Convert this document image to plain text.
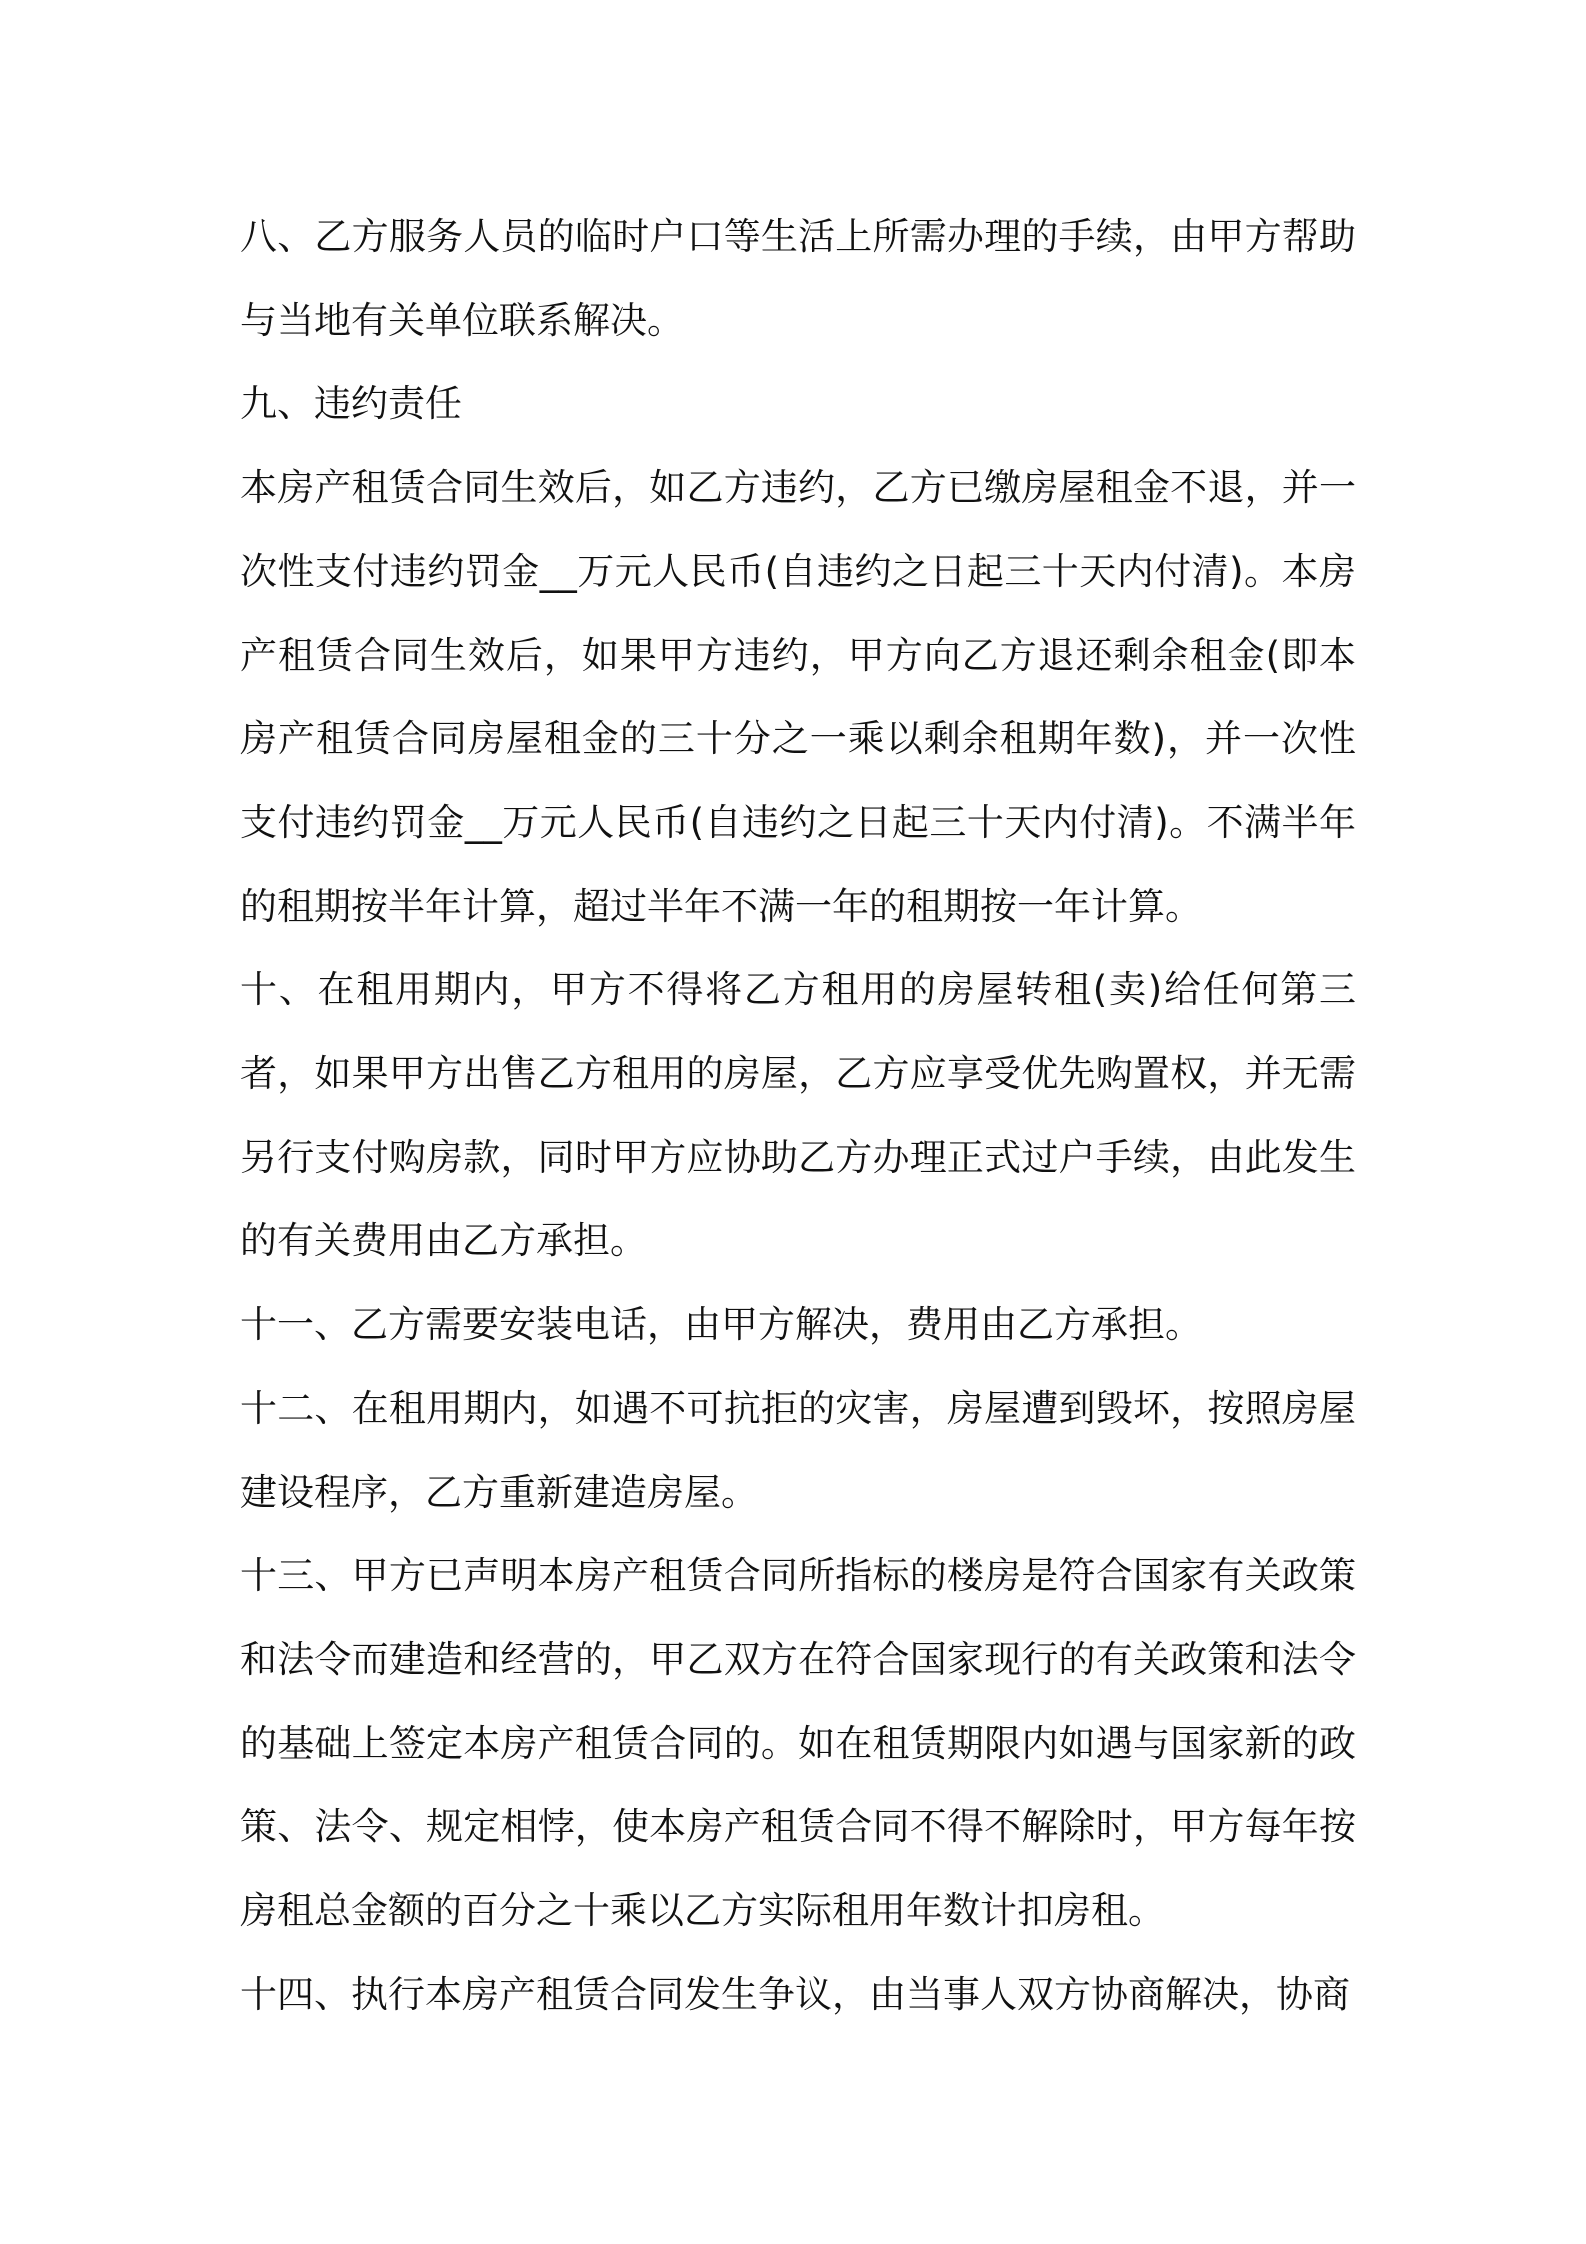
八、乙方服务人员的临时户口等生活上所需办理的手续，由甲方帮助与当地有关单位联系解决。

九、违约责任

本房产租赁合同生效后，如乙方违约，乙方已缴房屋租金不退，并一次性支付违约罚金__万元人民币(自违约之日起三十天内付清)。本房产租赁合同生效后，如果甲方违约，甲方向乙方退还剩余租金(即本房产租赁合同房屋租金的三十分之一乘以剩余租期年数)，并一次性支付违约罚金__万元人民币(自违约之日起三十天内付清)。不满半年的租期按半年计算，超过半年不满一年的租期按一年计算。

十、在租用期内，甲方不得将乙方租用的房屋转租(卖)给任何第三者，如果甲方出售乙方租用的房屋，乙方应享受优先购置权，并无需另行支付购房款，同时甲方应协助乙方办理正式过户手续，由此发生的有关费用由乙方承担。

十一、乙方需要安装电话，由甲方解决，费用由乙方承担。

十二、在租用期内，如遇不可抗拒的灾害，房屋遭到毁坏，按照房屋建设程序，乙方重新建造房屋。

十三、甲方已声明本房产租赁合同所指标的楼房是符合国家有关政策和法令而建造和经营的，甲乙双方在符合国家现行的有关政策和法令的基础上签定本房产租赁合同的。如在租赁期限内如遇与国家新的政策、法令、规定相悖，使本房产租赁合同不得不解除时，甲方每年按房租总金额的百分之十乘以乙方实际租用年数计扣房租。

十四、执行本房产租赁合同发生争议，由当事人双方协商解决，协商
